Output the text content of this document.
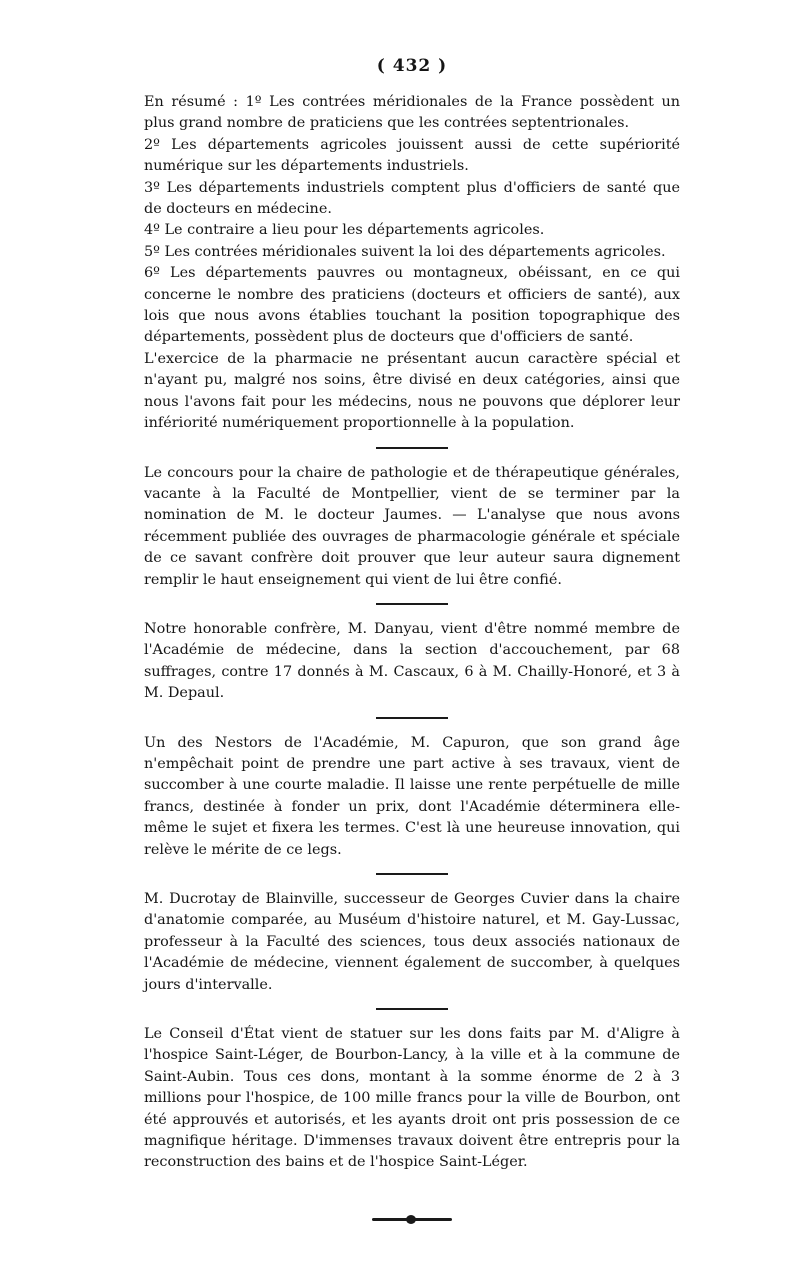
( 432 )

En résumé : 1º Les contrées méridionales de la France possèdent un plus grand nombre de praticiens que les contrées septentrionales.

2º Les départements agricoles jouissent aussi de cette supériorité numérique sur les départements industriels.

3º Les départements industriels comptent plus d'officiers de santé que de docteurs en médecine.

4º Le contraire a lieu pour les départements agricoles.

5º Les contrées méridionales suivent la loi des départements agricoles.

6º Les départements pauvres ou montagneux, obéissant, en ce qui concerne le nombre des praticiens (docteurs et officiers de santé), aux lois que nous avons établies touchant la position topographique des départements, possèdent plus de docteurs que d'officiers de santé.

L'exercice de la pharmacie ne présentant aucun caractère spécial et n'ayant pu, malgré nos soins, être divisé en deux catégories, ainsi que nous l'avons fait pour les médecins, nous ne pouvons que déplorer leur infériorité numériquement proportionnelle à la population.

Le concours pour la chaire de pathologie et de thérapeutique générales, vacante à la Faculté de Montpellier, vient de se terminer par la nomination de M. le docteur Jaumes. — L'analyse que nous avons récemment publiée des ouvrages de pharmacologie générale et spéciale de ce savant confrère doit prouver que leur auteur saura dignement remplir le haut enseignement qui vient de lui être confié.

Notre honorable confrère, M. Danyau, vient d'être nommé membre de l'Académie de médecine, dans la section d'accouchement, par 68 suffrages, contre 17 donnés à M. Cascaux, 6 à M. Chailly-Honoré, et 3 à M. Depaul.

Un des Nestors de l'Académie, M. Capuron, que son grand âge n'empêchait point de prendre une part active à ses travaux, vient de succomber à une courte maladie. Il laisse une rente perpétuelle de mille francs, destinée à fonder un prix, dont l'Académie déterminera elle-même le sujet et fixera les termes. C'est là une heureuse innovation, qui relève le mérite de ce legs.

M. Ducrotay de Blainville, successeur de Georges Cuvier dans la chaire d'anatomie comparée, au Muséum d'histoire naturel, et M. Gay-Lussac, professeur à la Faculté des sciences, tous deux associés nationaux de l'Académie de médecine, viennent également de succomber, à quelques jours d'intervalle.

Le Conseil d'État vient de statuer sur les dons faits par M. d'Aligre à l'hospice Saint-Léger, de Bourbon-Lancy, à la ville et à la commune de Saint-Aubin. Tous ces dons, montant à la somme énorme de 2 à 3 millions pour l'hospice, de 100 mille francs pour la ville de Bourbon, ont été approuvés et autorisés, et les ayants droit ont pris possession de ce magnifique héritage. D'immenses travaux doivent être entrepris pour la reconstruction des bains et de l'hospice Saint-Léger.
